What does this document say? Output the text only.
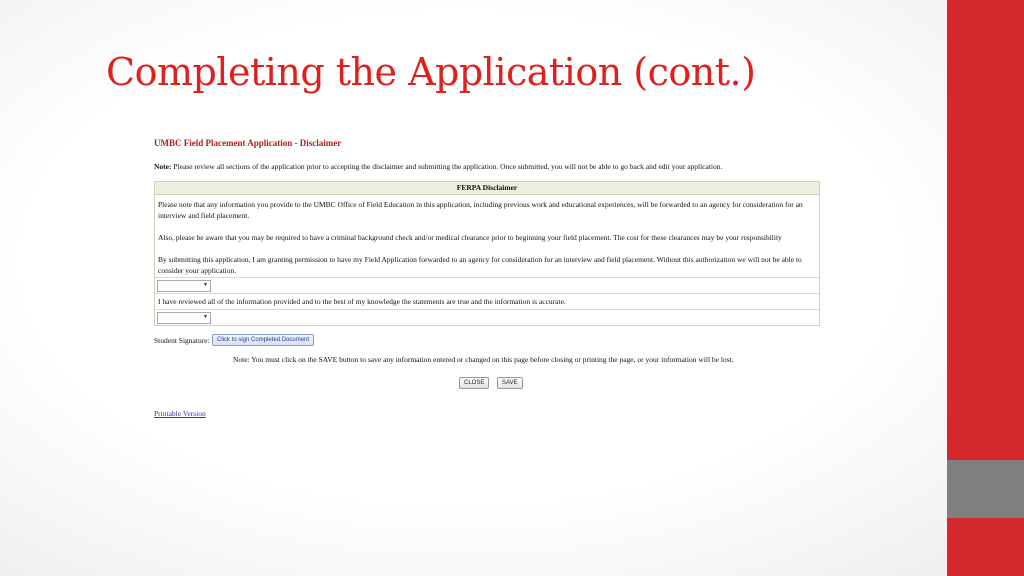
Completing the Application (cont.)
UMBC Field Placement Application - Disclaimer
Note: Please review all sections of the application prior to accepting the disclaimer and submitting the application. Once submitted, you will not be able to go back and edit your application.
FERPA Disclaimer
Please note that any information you provide to the UMBC Office of Field Education in this application, including previous work and educational experiences, will be forwarded to an agency for consideration for an interview and field placement.
Also, please be aware that you may be required to have a criminal background check and/or medical clearance prior to beginning your field placement. The cost for these clearances may be your responsibility
By submitting this application, I am granting permission to have my Field Application forwarded to an agency for consideration for an interview and field placement. Without this authorization we will not be able to consider your application.
▼
I have reviewed all of the information provided and to the best of my knowledge the statements are true and the information is accurate.
▼
Student Signature:	Click to sign Completed Document
Note: You must click on the SAVE button to save any information entered or changed on this page before closing or printing the page, or your information will be lost.
CLOSE	SAVE
Printable Version
